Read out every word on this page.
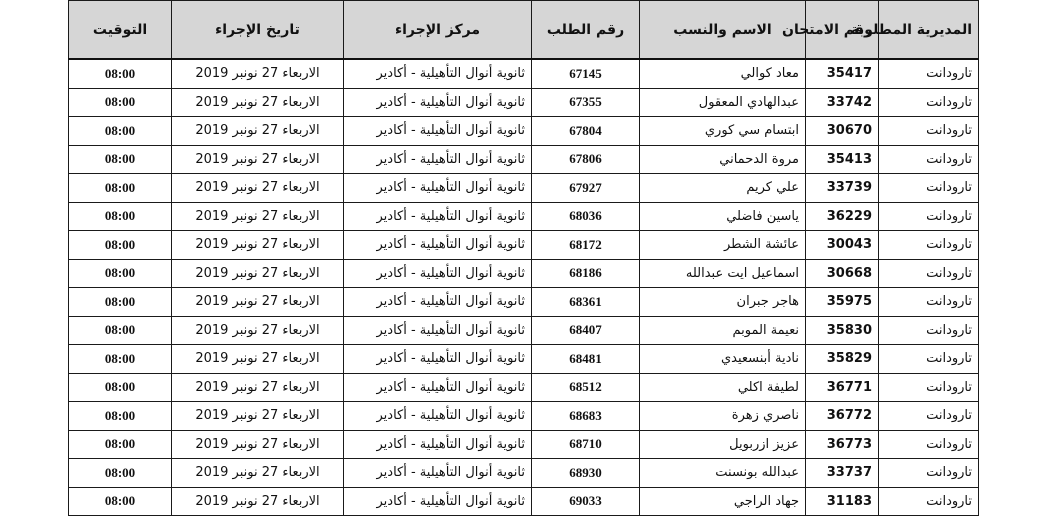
المديرية المطلوبة	رقم الامتحان	الاسم والنسب	رقم الطلب	مركز الإجراء	تاريخ الإجراء	التوقيت
تارودانت	35417	معاد كوالي	67145	ثانوية أنوال التأهيلية - أكادير	الاربعاء 27 نونبر 2019	08:00
تارودانت	33742	عبدالهادي المعقول	67355	ثانوية أنوال التأهيلية - أكادير	الاربعاء 27 نونبر 2019	08:00
تارودانت	30670	ابتسام سي كوري	67804	ثانوية أنوال التأهيلية - أكادير	الاربعاء 27 نونبر 2019	08:00
تارودانت	35413	مروة الدحماني	67806	ثانوية أنوال التأهيلية - أكادير	الاربعاء 27 نونبر 2019	08:00
تارودانت	33739	علي كريم	67927	ثانوية أنوال التأهيلية - أكادير	الاربعاء 27 نونبر 2019	08:00
تارودانت	36229	ياسين فاضلي	68036	ثانوية أنوال التأهيلية - أكادير	الاربعاء 27 نونبر 2019	08:00
تارودانت	30043	عائشة الشطر	68172	ثانوية أنوال التأهيلية - أكادير	الاربعاء 27 نونبر 2019	08:00
تارودانت	30668	اسماعيل ايت عبدالله	68186	ثانوية أنوال التأهيلية - أكادير	الاربعاء 27 نونبر 2019	08:00
تارودانت	35975	هاجر جبران	68361	ثانوية أنوال التأهيلية - أكادير	الاربعاء 27 نونبر 2019	08:00
تارودانت	35830	نعيمة الموبم	68407	ثانوية أنوال التأهيلية - أكادير	الاربعاء 27 نونبر 2019	08:00
تارودانت	35829	نادية أبنسعيدي	68481	ثانوية أنوال التأهيلية - أكادير	الاربعاء 27 نونبر 2019	08:00
تارودانت	36771	لطيفة اكلي	68512	ثانوية أنوال التأهيلية - أكادير	الاربعاء 27 نونبر 2019	08:00
تارودانت	36772	ناصري زهرة	68683	ثانوية أنوال التأهيلية - أكادير	الاربعاء 27 نونبر 2019	08:00
تارودانت	36773	عزيز ازربويل	68710	ثانوية أنوال التأهيلية - أكادير	الاربعاء 27 نونبر 2019	08:00
تارودانت	33737	عبدالله بونسنت	68930	ثانوية أنوال التأهيلية - أكادير	الاربعاء 27 نونبر 2019	08:00
تارودانت	31183	جهاد الراجي	69033	ثانوية أنوال التأهيلية - أكادير	الاربعاء 27 نونبر 2019	08:00
